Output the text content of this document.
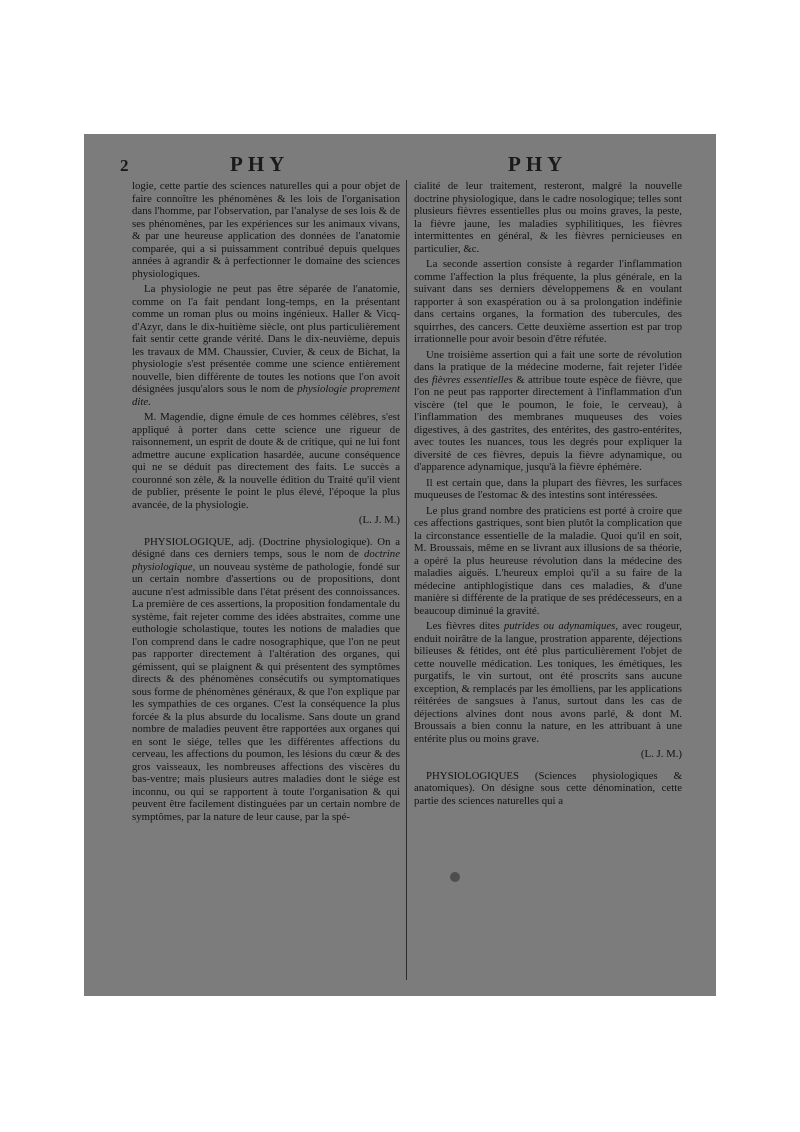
2	PHY	PHY

logie, cette partie des sciences naturelles qui a pour objet de faire connoître les phénomènes & les lois de l'organisation dans l'homme, par l'observation, par l'analyse de ses lois & de ses phénomènes, par les expériences sur les animaux vivans, & par une heureuse application des données de l'anatomie comparée, qui a si puissamment contribué depuis quelques années à agrandir & à perfectionner le domaine des sciences physiologiques.

La physiologie ne peut pas être séparée de l'anatomie, comme on l'a fait pendant long-temps, en la présentant comme un roman plus ou moins ingénieux. Haller & Vicq-d'Azyr, dans le dix-huitième siècle, ont plus particulièrement fait sentir cette grande vérité. Dans le dix-neuvième, depuis les travaux de MM. Chaussier, Cuvier, & ceux de Bichat, la physiologie s'est présentée comme une science entièrement nouvelle, bien différente de toutes les notions que l'on avoit désignées jusqu'alors sous le nom de physiologie proprement dite.

M. Magendie, digne émule de ces hommes célèbres, s'est appliqué à porter dans cette science une rigueur de raisonnement, un esprit de doute & de critique, qui ne lui font admettre aucune explication hasardée, aucune conséquence qui ne se déduit pas directement des faits. Le succès a couronné son zèle, & la nouvelle édition du Traité qu'il vient de publier, présente le point le plus élevé, l'époque la plus avancée, de la physiologie.

(L. J. M.)

PHYSIOLOGIQUE, adj. (Doctrine physiologique). On a désigné dans ces derniers temps, sous le nom de doctrine physiologique, un nouveau système de pathologie, fondé sur un certain nombre d'assertions ou de propositions, dont aucune n'est admissible dans l'état présent des connoissances. La première de ces assertions, la proposition fondamentale du système, fait rejeter comme des idées abstraites, comme une euthologie scholastique, toutes les notions de maladies que l'on comprend dans le cadre nosographique, que l'on ne peut pas rapporter directement à l'altération des organes, qui gémissent, qui se plaignent & qui présentent des symptômes directs & des phénomènes consécutifs ou symptomatiques sous forme de phénomènes généraux, & que l'on explique par les sympathies de ces organes. C'est la conséquence la plus forcée & la plus absurde du localisme. Sans doute un grand nombre de maladies peuvent être rapportées aux organes qui en sont le siége, telles que les différentes affections du cerveau, les affections du poumon, les lésions du cœur & des gros vaisseaux, les nombreuses affections des viscères du bas-ventre; mais plusieurs autres maladies dont le siége est inconnu, ou qui se rapportent à toute l'organisation & qui peuvent être facilement distinguées par un certain nombre de symptômes, par la nature de leur cause, par la spé-

cialité de leur traitement, resteront, malgré la nouvelle doctrine physiologique, dans le cadre nosologique; telles sont plusieurs fièvres essentielles plus ou moins graves, la peste, la fièvre jaune, les maladies syphilitiques, les fièvres intermittentes en général, & les fièvres pernicieuses en particulier, &c.

La seconde assertion consiste à regarder l'inflammation comme l'affection la plus fréquente, la plus générale, en la suivant dans ses derniers développemens & en voulant rapporter à son exaspération ou à sa prolongation indéfinie dans certains organes, la formation des tubercules, des squirrhes, des cancers. Cette deuxième assertion est par trop irrationnelle pour avoir besoin d'être réfutée.

Une troisième assertion qui a fait une sorte de révolution dans la pratique de la médecine moderne, fait rejeter l'idée des fièvres essentielles & attribue toute espèce de fièvre, que l'on ne peut pas rapporter directement à l'inflammation d'un viscère (tel que le poumon, le foie, le cerveau), à l'inflammation des membranes muqueuses des voies digestives, à des gastrites, des entérites, des gastro-entérites, avec toutes les nuances, tous les degrés pour expliquer la diversité de ces fièvres, depuis la fièvre adynamique, ou d'apparence adynamique, jusqu'à la fièvre éphémère.

Il est certain que, dans la plupart des fièvres, les surfaces muqueuses de l'estomac & des intestins sont intéressées.

Le plus grand nombre des praticiens est porté à croire que ces affections gastriques, sont bien plutôt la complication que la circonstance essentielle de la maladie. Quoi qu'il en soit, M. Broussais, même en se livrant aux illusions de sa théorie, a opéré la plus heureuse révolution dans la médecine des maladies aiguës. L'heureux emploi qu'il a su faire de la médecine antiphlogistique dans ces maladies, & d'une manière si différente de la pratique de ses prédécesseurs, en a beaucoup diminué la gravité.

Les fièvres dites putrides ou adynamiques, avec rougeur, enduit noirâtre de la langue, prostration apparente, déjections bilieuses & fétides, ont été plus particulièrement l'objet de cette nouvelle médication. Les toniques, les émétiques, les purgatifs, le vin surtout, ont été proscrits sans aucune exception, & remplacés par les émolliens, par les applications réitérées de sangsues à l'anus, surtout dans les cas de déjections alvines dont nous avons parlé, & dont M. Broussais a bien connu la nature, en les attribuant à une entérite plus ou moins grave.

(L. J. M.)

PHYSIOLOGIQUES (Sciences physiologiques & anatomiques). On désigne sous cette dénomination, cette partie des sciences naturelles qui a
